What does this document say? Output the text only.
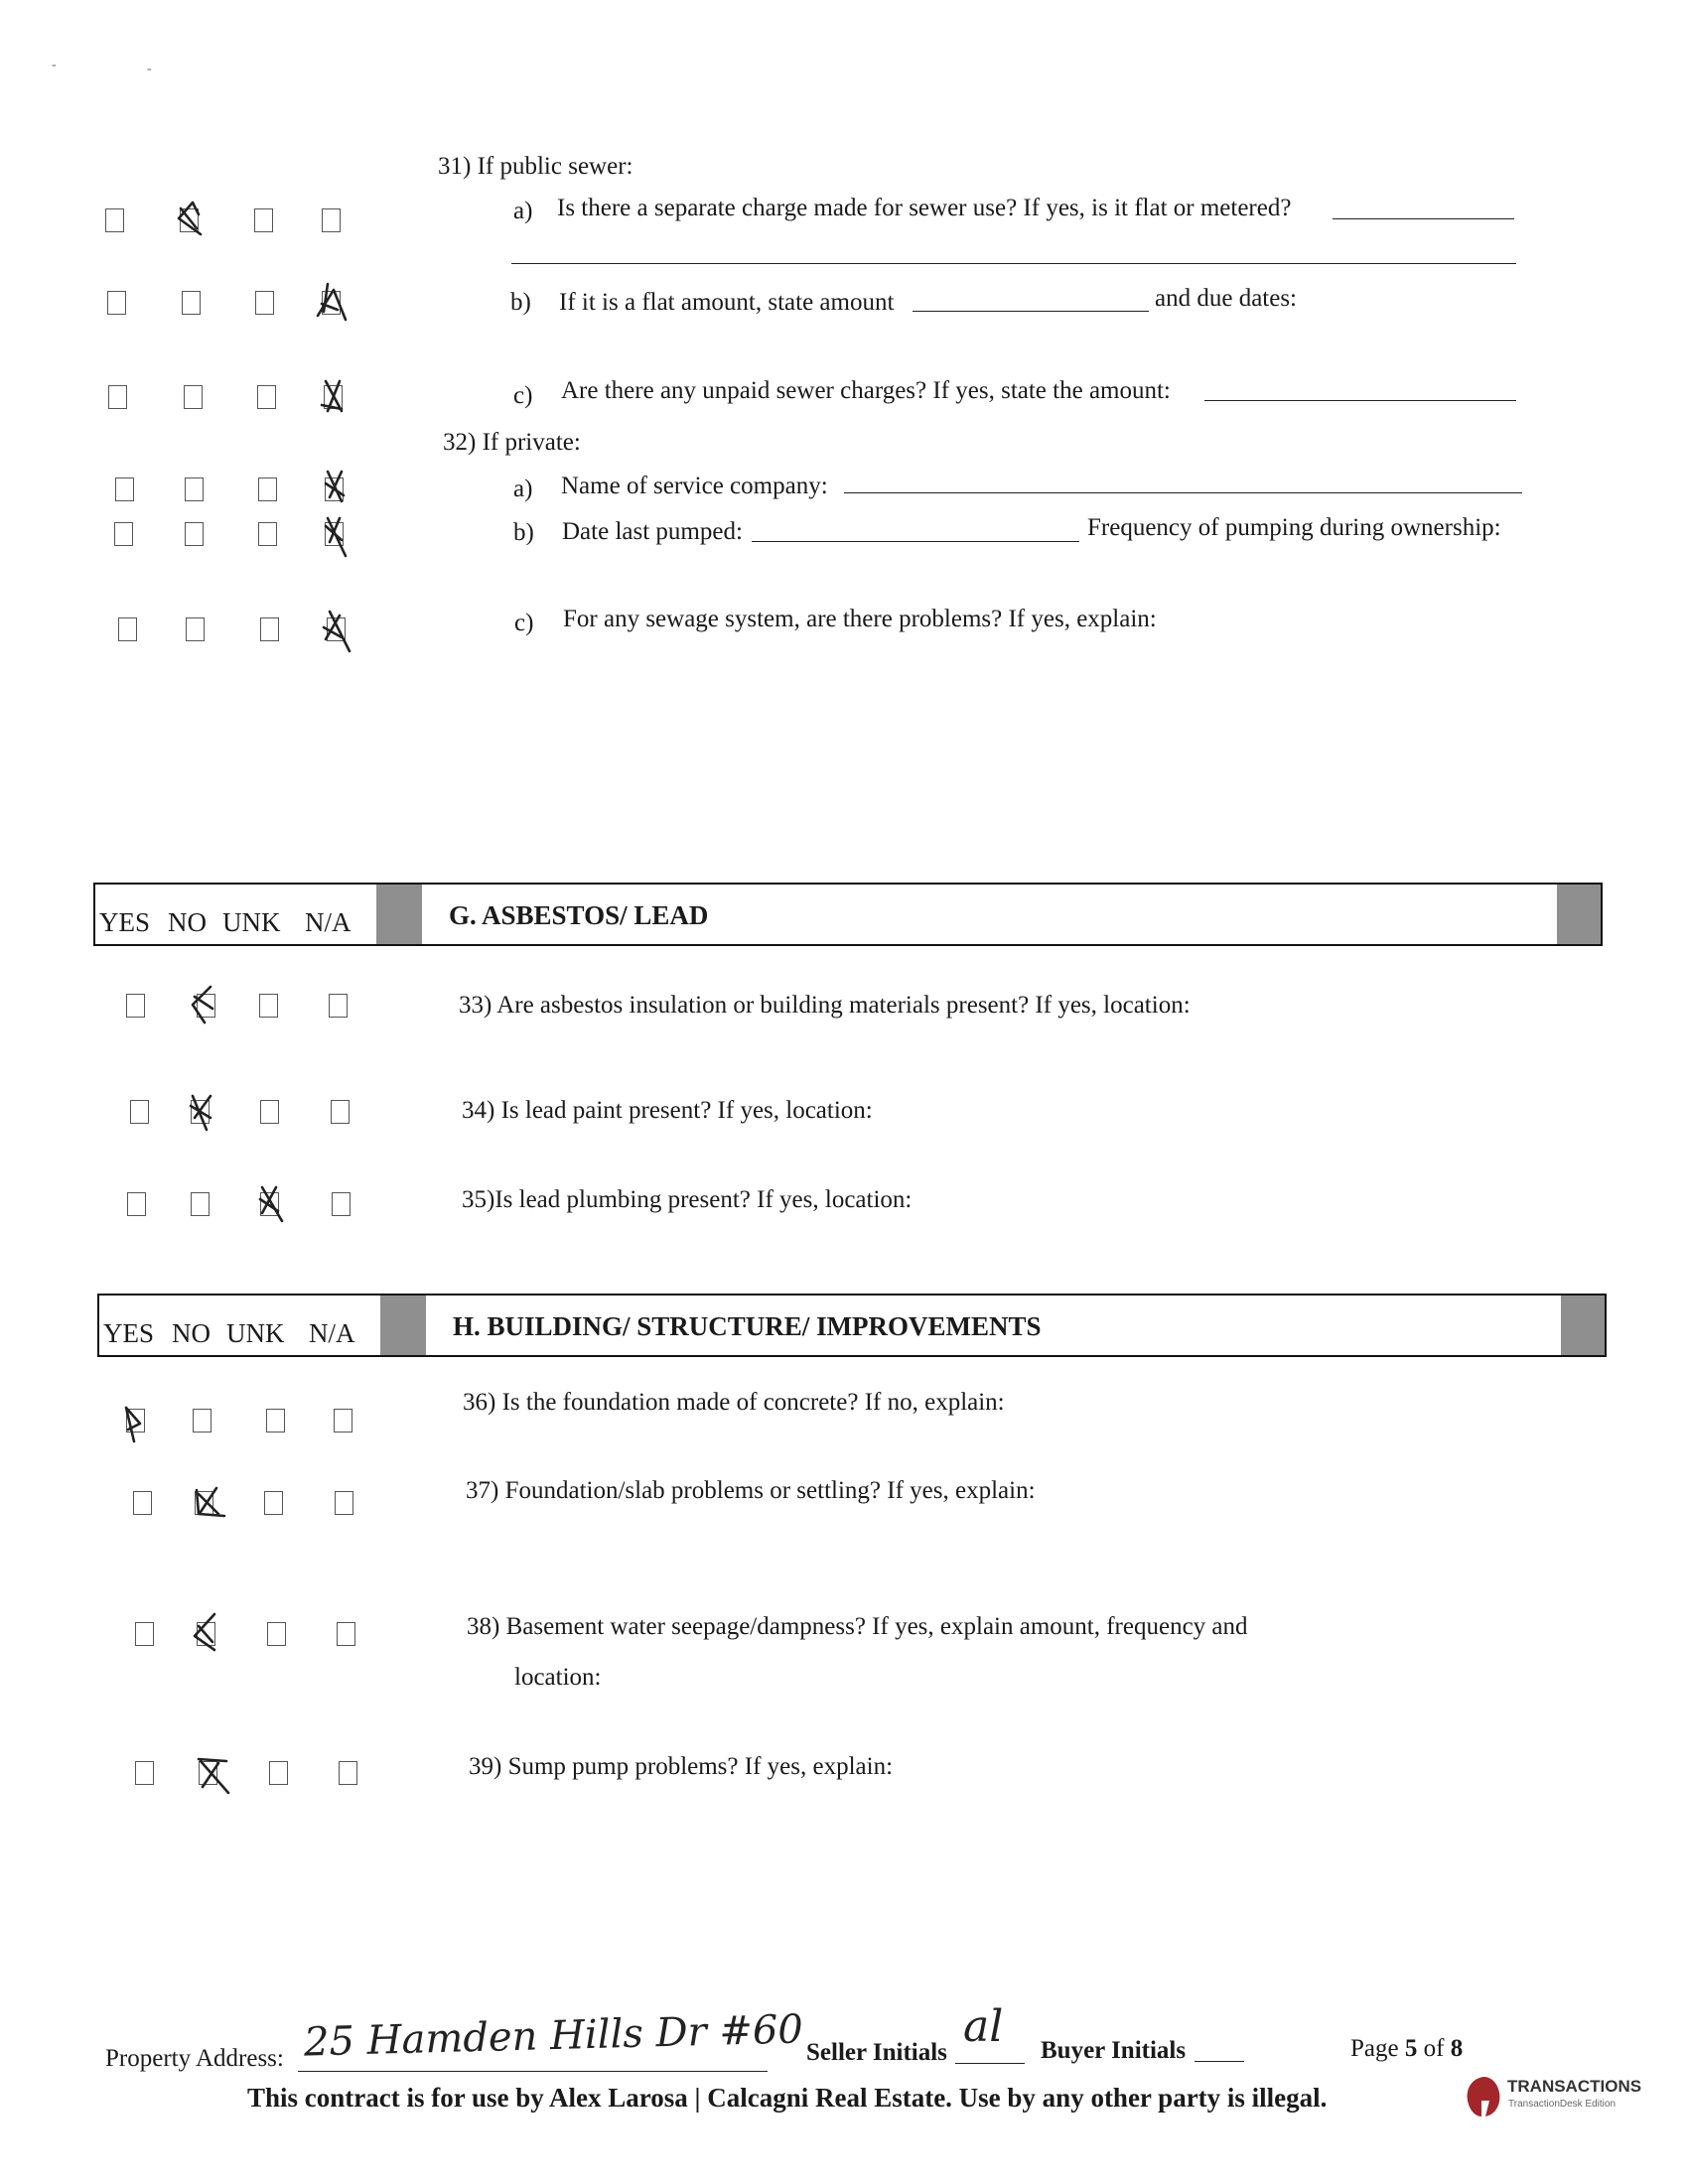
-	-
31) If public sewer:
a) Is there a separate charge made for sewer use? If yes, is it flat or metered?
b) If it is a flat amount, state amount	and due dates:
c) Are there any unpaid sewer charges? If yes, state the amount:
32) If private:
a) Name of service company:
b) Date last pumped:	Frequency of pumping during ownership:
c) For any sewage system, are there problems? If yes, explain:
YES NO UNK N/A	G. ASBESTOS/ LEAD
33) Are asbestos insulation or building materials present? If yes, location:
34) Is lead paint present? If yes, location:
35)Is lead plumbing present? If yes, location:
YES NO UNK N/A	H. BUILDING/ STRUCTURE/ IMPROVEMENTS
36) Is the foundation made of concrete? If no, explain:
37) Foundation/slab problems or settling? If yes, explain:
38) Basement water seepage/dampness? If yes, explain amount, frequency and
location:
39) Sump pump problems? If yes, explain:
Property Address: 25 Hamden Hills Dr #60 Seller Initials
al Buyer Initials	Page 5 of 8
This contract is for use by Alex Larosa | Calcagni Real Estate. Use by any other party is illegal.	TRANSACTIONS
TransactionDesk Edition
